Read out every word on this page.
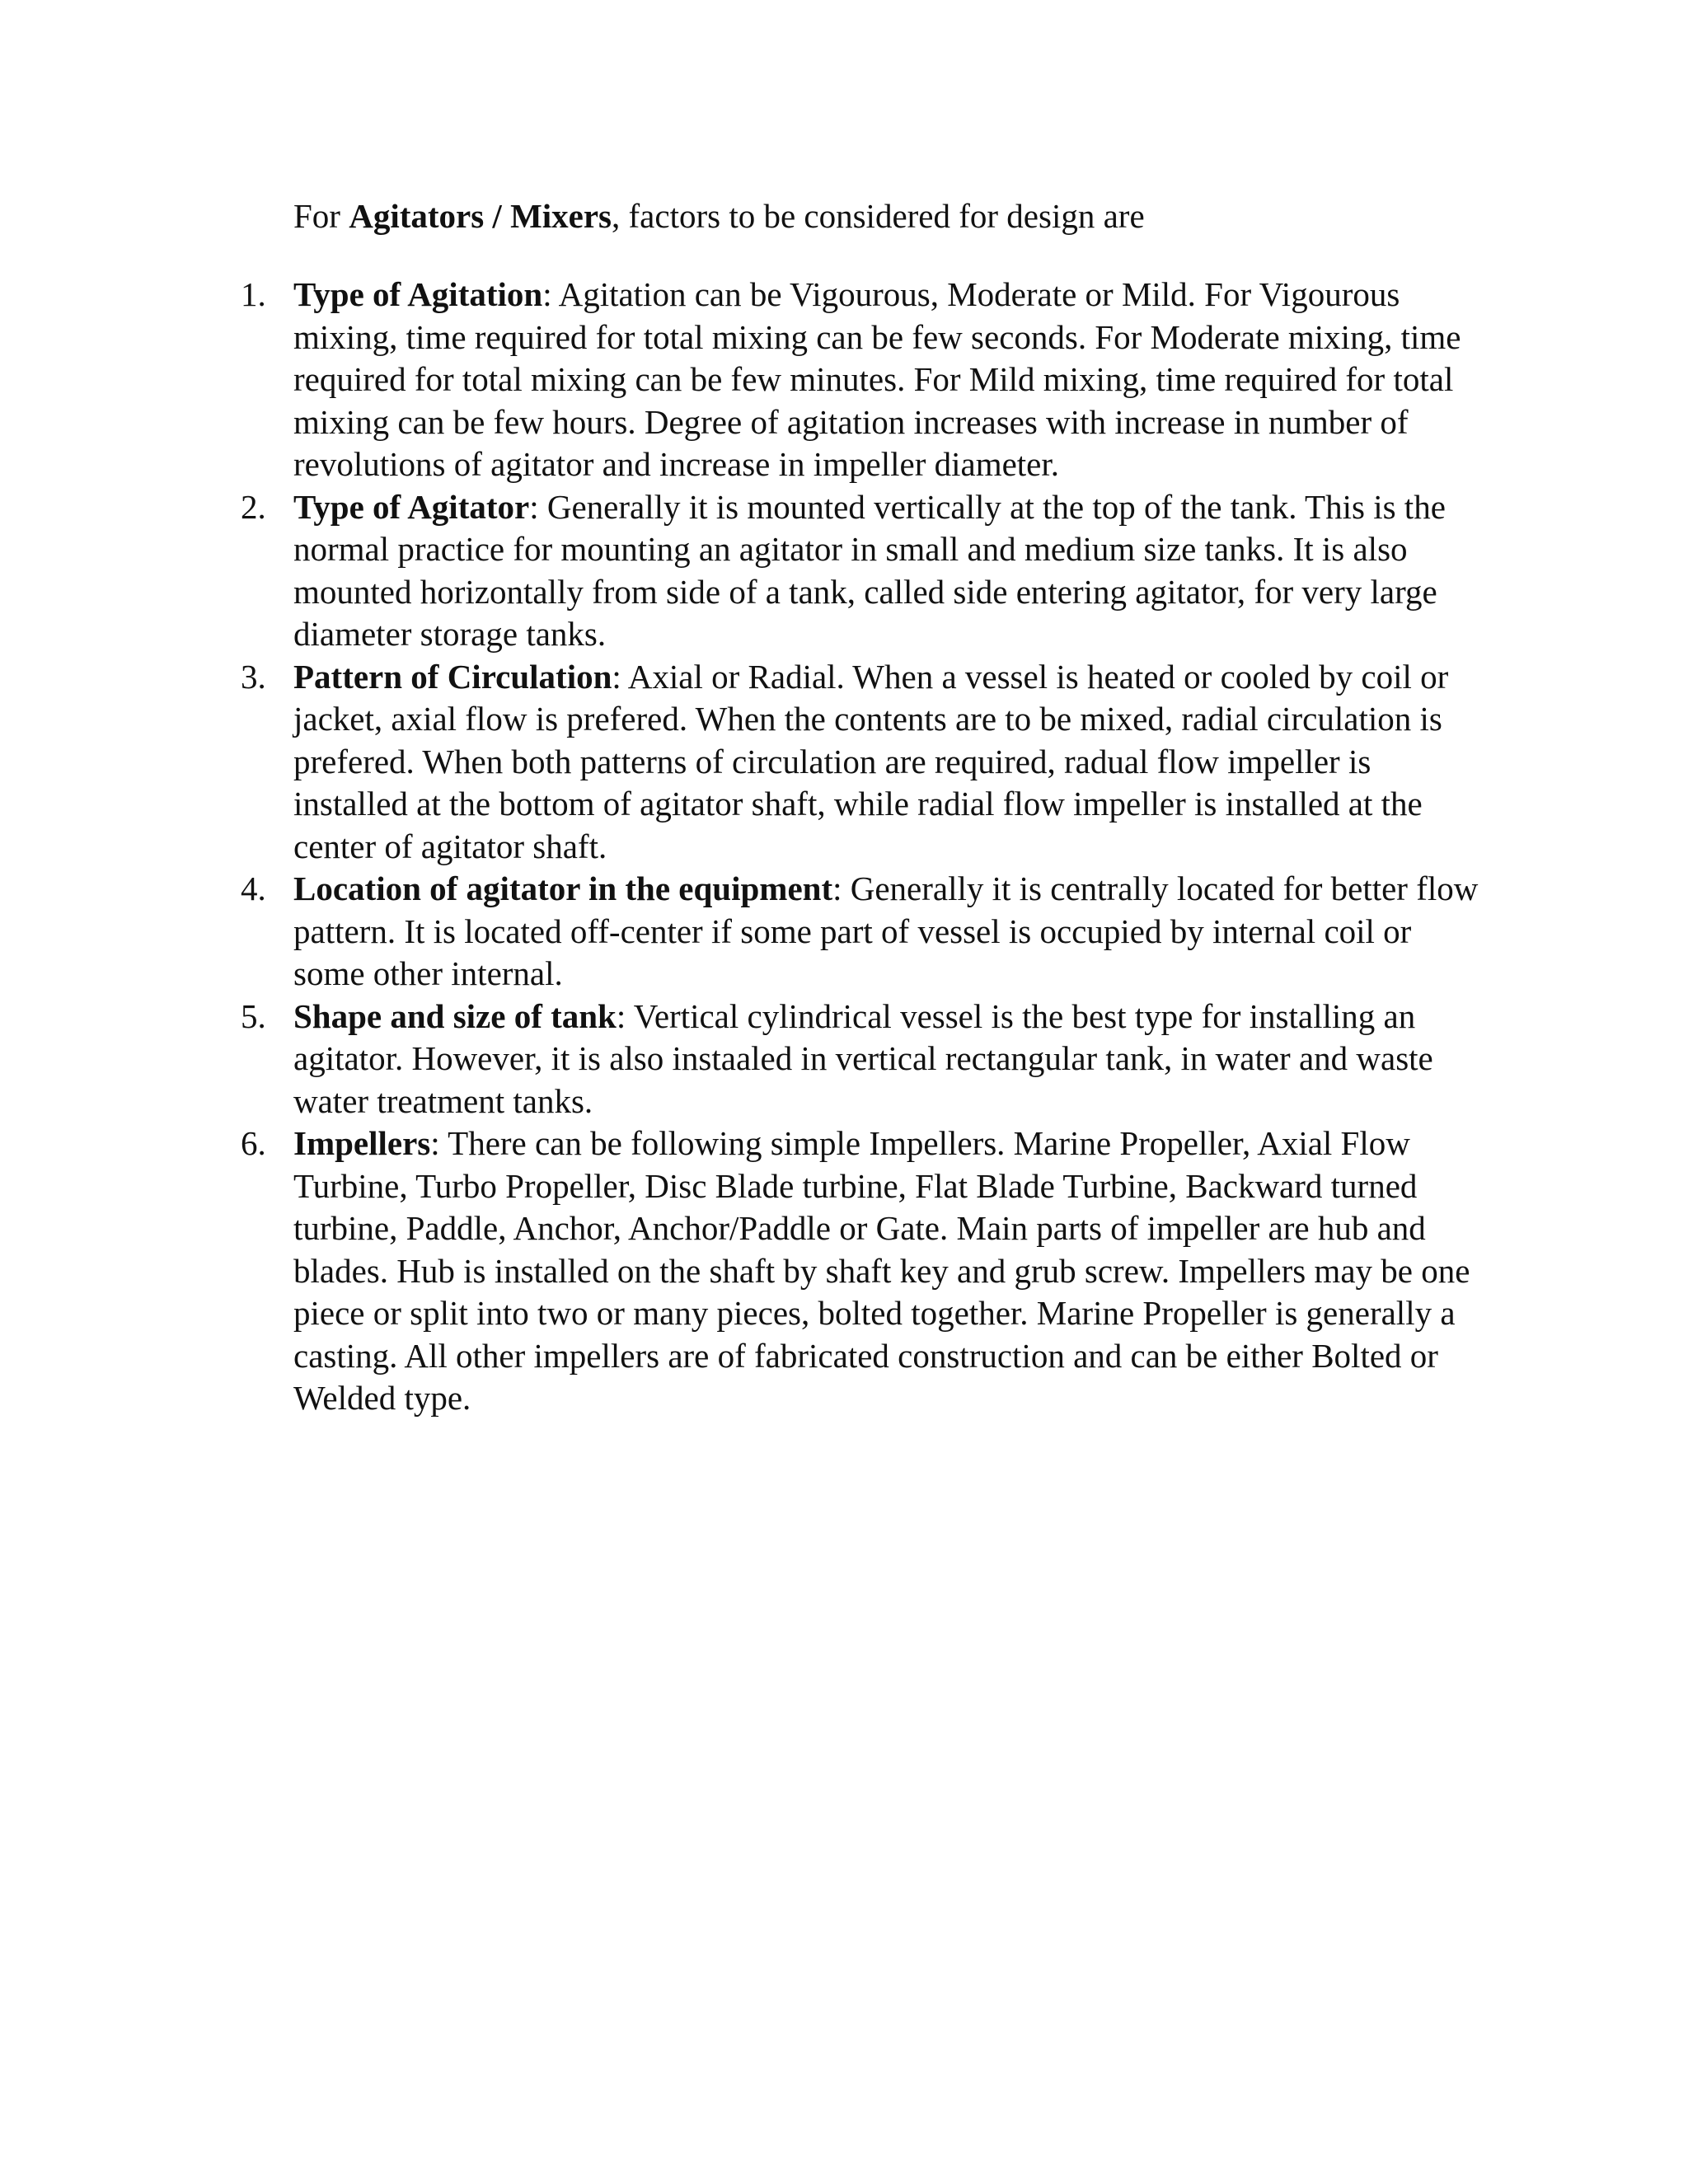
For Agitators / Mixers, factors to be considered for design are

1. Type of Agitation: Agitation can be Vigourous, Moderate or Mild. For Vigourous mixing, time required for total mixing can be few seconds. For Moderate mixing, time required for total mixing can be few minutes. For Mild mixing, time required for total mixing can be few hours. Degree of agitation increases with increase in number of revolutions of agitator and increase in impeller diameter.
2. Type of Agitator: Generally it is mounted vertically at the top of the tank. This is the normal practice for mounting an agitator in small and medium size tanks. It is also mounted horizontally from side of a tank, called side entering agitator, for very large diameter storage tanks.
3. Pattern of Circulation: Axial or Radial. When a vessel is heated or cooled by coil or jacket, axial flow is prefered. When the contents are to be mixed, radial circulation is prefered. When both patterns of circulation are required, radual flow impeller is installed at the bottom of agitator shaft, while radial flow impeller is installed at the center of agitator shaft.
4. Location of agitator in the equipment: Generally it is centrally located for better flow pattern. It is located off-center if some part of vessel is occupied by internal coil or some other internal.
5. Shape and size of tank: Vertical cylindrical vessel is the best type for installing an agitator. However, it is also instaaled in vertical rectangular tank, in water and waste water treatment tanks.
6. Impellers: There can be following simple Impellers. Marine Propeller, Axial Flow Turbine, Turbo Propeller, Disc Blade turbine, Flat Blade Turbine, Backward turned turbine, Paddle, Anchor, Anchor/Paddle or Gate. Main parts of impeller are hub and blades. Hub is installed on the shaft by shaft key and grub screw. Impellers may be one piece or split into two or many pieces, bolted together. Marine Propeller is generally a casting. All other impellers are of fabricated construction and can be either Bolted or Welded type.
